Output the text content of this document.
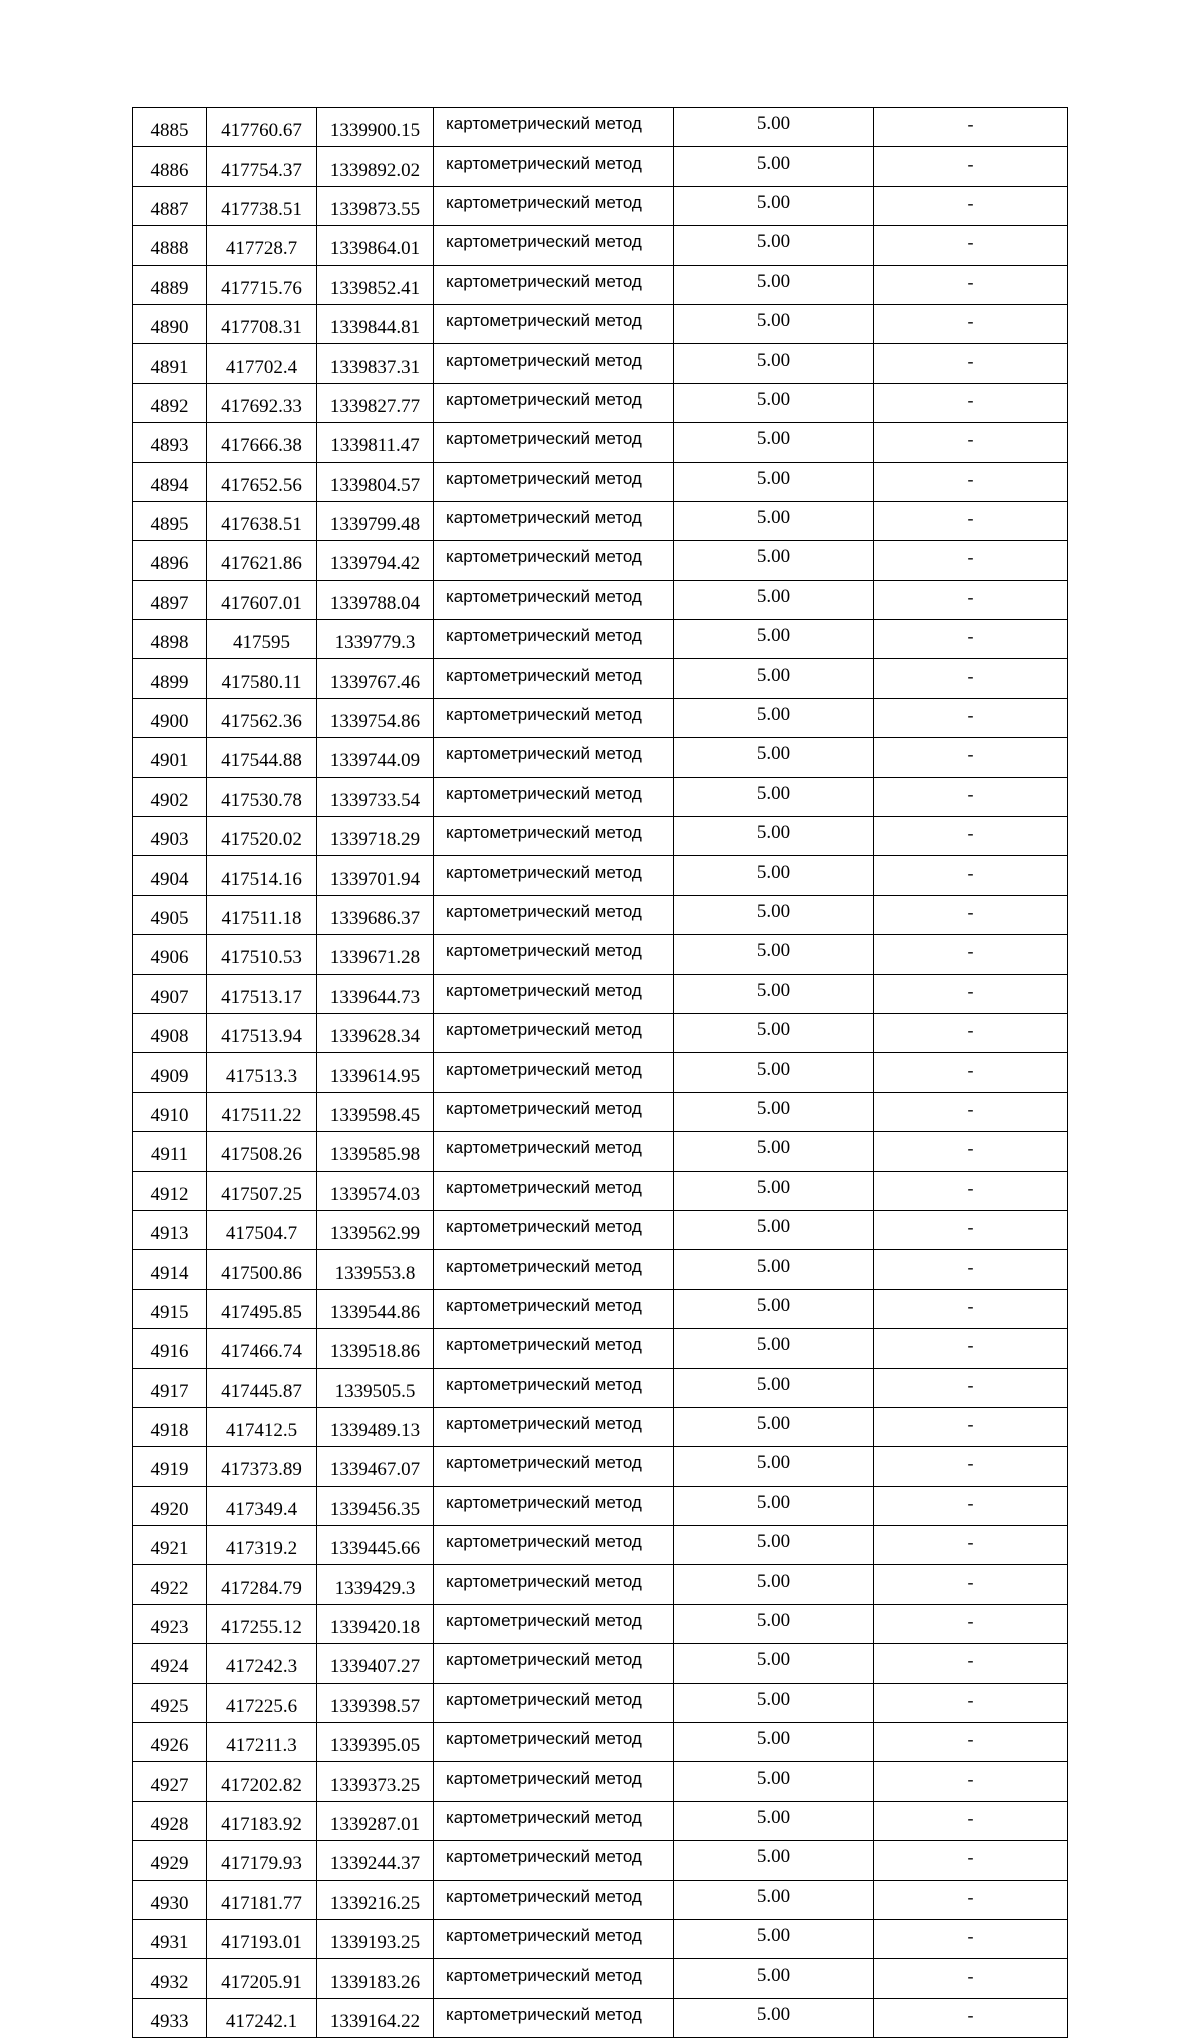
4885	417760.67	1339900.15	картометрический метод	5.00	-
4886	417754.37	1339892.02	картометрический метод	5.00	-
4887	417738.51	1339873.55	картометрический метод	5.00	-
4888	417728.7	1339864.01	картометрический метод	5.00	-
4889	417715.76	1339852.41	картометрический метод	5.00	-
4890	417708.31	1339844.81	картометрический метод	5.00	-
4891	417702.4	1339837.31	картометрический метод	5.00	-
4892	417692.33	1339827.77	картометрический метод	5.00	-
4893	417666.38	1339811.47	картометрический метод	5.00	-
4894	417652.56	1339804.57	картометрический метод	5.00	-
4895	417638.51	1339799.48	картометрический метод	5.00	-
4896	417621.86	1339794.42	картометрический метод	5.00	-
4897	417607.01	1339788.04	картометрический метод	5.00	-
4898	417595	1339779.3	картометрический метод	5.00	-
4899	417580.11	1339767.46	картометрический метод	5.00	-
4900	417562.36	1339754.86	картометрический метод	5.00	-
4901	417544.88	1339744.09	картометрический метод	5.00	-
4902	417530.78	1339733.54	картометрический метод	5.00	-
4903	417520.02	1339718.29	картометрический метод	5.00	-
4904	417514.16	1339701.94	картометрический метод	5.00	-
4905	417511.18	1339686.37	картометрический метод	5.00	-
4906	417510.53	1339671.28	картометрический метод	5.00	-
4907	417513.17	1339644.73	картометрический метод	5.00	-
4908	417513.94	1339628.34	картометрический метод	5.00	-
4909	417513.3	1339614.95	картометрический метод	5.00	-
4910	417511.22	1339598.45	картометрический метод	5.00	-
4911	417508.26	1339585.98	картометрический метод	5.00	-
4912	417507.25	1339574.03	картометрический метод	5.00	-
4913	417504.7	1339562.99	картометрический метод	5.00	-
4914	417500.86	1339553.8	картометрический метод	5.00	-
4915	417495.85	1339544.86	картометрический метод	5.00	-
4916	417466.74	1339518.86	картометрический метод	5.00	-
4917	417445.87	1339505.5	картометрический метод	5.00	-
4918	417412.5	1339489.13	картометрический метод	5.00	-
4919	417373.89	1339467.07	картометрический метод	5.00	-
4920	417349.4	1339456.35	картометрический метод	5.00	-
4921	417319.2	1339445.66	картометрический метод	5.00	-
4922	417284.79	1339429.3	картометрический метод	5.00	-
4923	417255.12	1339420.18	картометрический метод	5.00	-
4924	417242.3	1339407.27	картометрический метод	5.00	-
4925	417225.6	1339398.57	картометрический метод	5.00	-
4926	417211.3	1339395.05	картометрический метод	5.00	-
4927	417202.82	1339373.25	картометрический метод	5.00	-
4928	417183.92	1339287.01	картометрический метод	5.00	-
4929	417179.93	1339244.37	картометрический метод	5.00	-
4930	417181.77	1339216.25	картометрический метод	5.00	-
4931	417193.01	1339193.25	картометрический метод	5.00	-
4932	417205.91	1339183.26	картометрический метод	5.00	-
4933	417242.1	1339164.22	картометрический метод	5.00	-
